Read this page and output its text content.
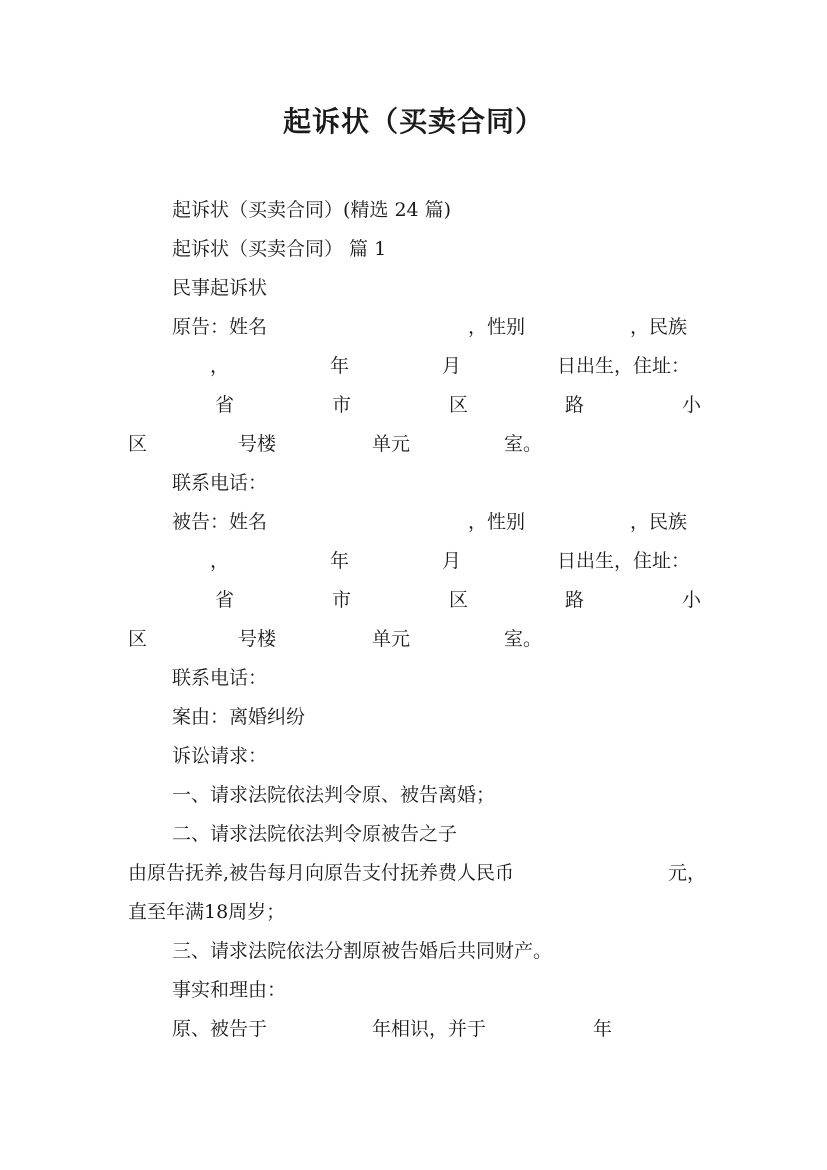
起诉状（买卖合同）
起诉状（买卖合同）(精选 24 篇)
起诉状（买卖合同） 篇 1
民事起诉状
原告：姓名	，性别	，民族
，	年	月	日出生，住址：
省	市	区	路	小
区	号楼	单元	室。
联系电话：
被告：姓名	，性别	，民族
，	年	月	日出生，住址：
省	市	区	路	小
区	号楼	单元	室。
联系电话：
案由：离婚纠纷
诉讼请求：
一、请求法院依法判令原、被告离婚；
二、请求法院依法判令原被告之子
由原告抚养,被告每月向原告支付抚养费人民币	元，
直至年满18周岁；
三、请求法院依法分割原被告婚后共同财产。
事实和理由：
原、被告于	年相识，并于	年
